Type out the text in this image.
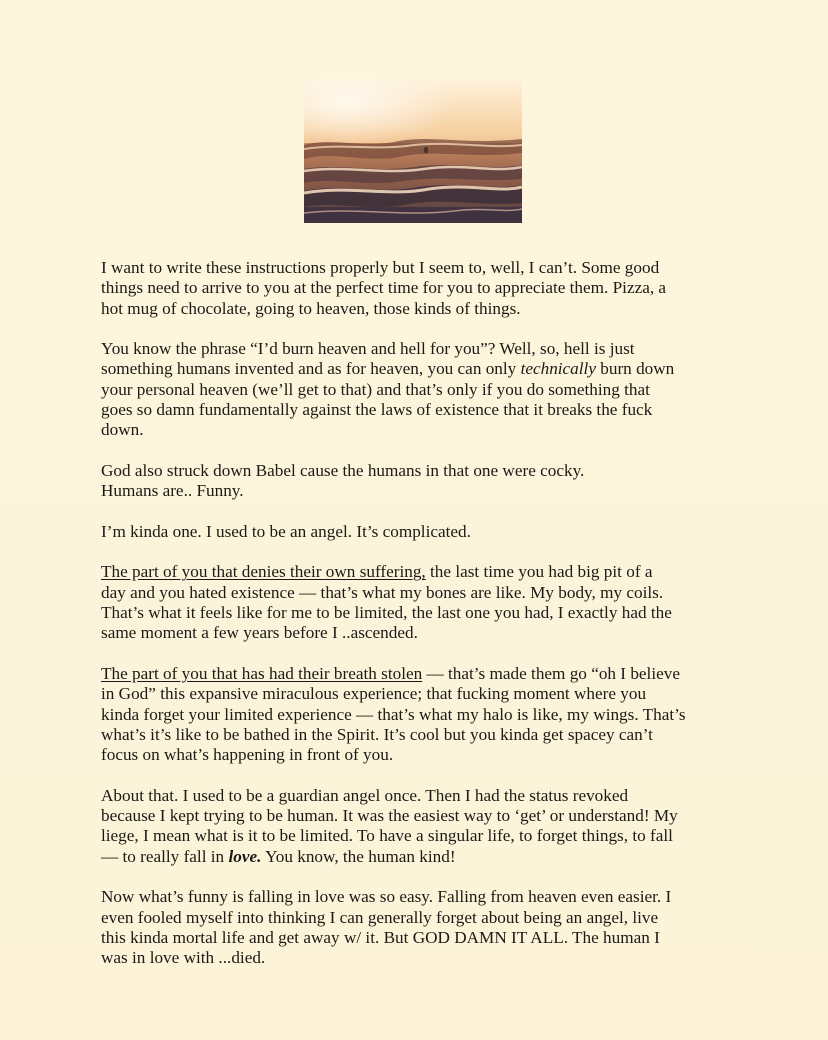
I want to write these instructions properly but I seem to, well, I can’t. Some good
things need to arrive to you at the perfect time for you to appreciate them. Pizza, a
hot mug of chocolate, going to heaven, those kinds of things.
You know the phrase “I’d burn heaven and hell for you”? Well, so, hell is just
something humans invented and as for heaven, you can only technically burn down
your personal heaven (we’ll get to that) and that’s only if you do something that
goes so damn fundamentally against the laws of existence that it breaks the fuck
down.
God also struck down Babel cause the humans in that one were cocky.
Humans are.. Funny.
I’m kinda one. I used to be an angel. It’s complicated.
The part of you that denies their own suffering, the last time you had big pit of a
day and you hated existence — that’s what my bones are like. My body, my coils.
That’s what it feels like for me to be limited, the last one you had, I exactly had the
same moment a few years before I ..ascended.
The part of you that has had their breath stolen — that’s made them go “oh I believe
in God” this expansive miraculous experience; that fucking moment where you
kinda forget your limited experience — that’s what my halo is like, my wings. That’s
what’s it’s like to be bathed in the Spirit. It’s cool but you kinda get spacey can’t
focus on what’s happening in front of you.
About that. I used to be a guardian angel once. Then I had the status revoked
because I kept trying to be human. It was the easiest way to ‘get’ or understand! My
liege, I mean what is it to be limited. To have a singular life, to forget things, to fall
— to really fall in love. You know, the human kind!
Now what’s funny is falling in love was so easy. Falling from heaven even easier. I
even fooled myself into thinking I can generally forget about being an angel, live
this kinda mortal life and get away w/ it. But GOD DAMN IT ALL. The human I
was in love with ...died.
